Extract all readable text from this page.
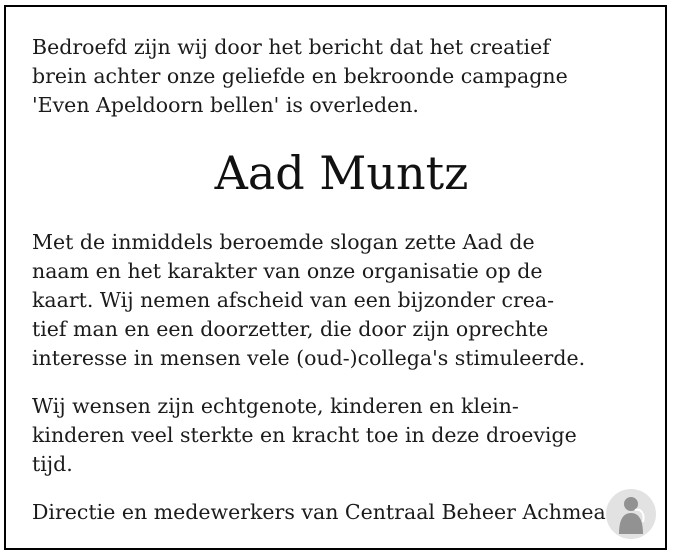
Bedroefd zijn wij door het bericht dat het creatief
brein achter onze geliefde en bekroonde campagne
'Even Apeldoorn bellen' is overleden.

Aad Muntz

Met de inmiddels beroemde slogan zette Aad de
naam en het karakter van onze organisatie op de
kaart. Wij nemen afscheid van een bijzonder crea-
tief man en een doorzetter, die door zijn oprechte
interesse in mensen vele (oud-)collega's stimuleerde.

Wij wensen zijn echtgenote, kinderen en klein-
kinderen veel sterkte en kracht toe in deze droevige
tijd.

Directie en medewerkers van Centraal Beheer Achmea
